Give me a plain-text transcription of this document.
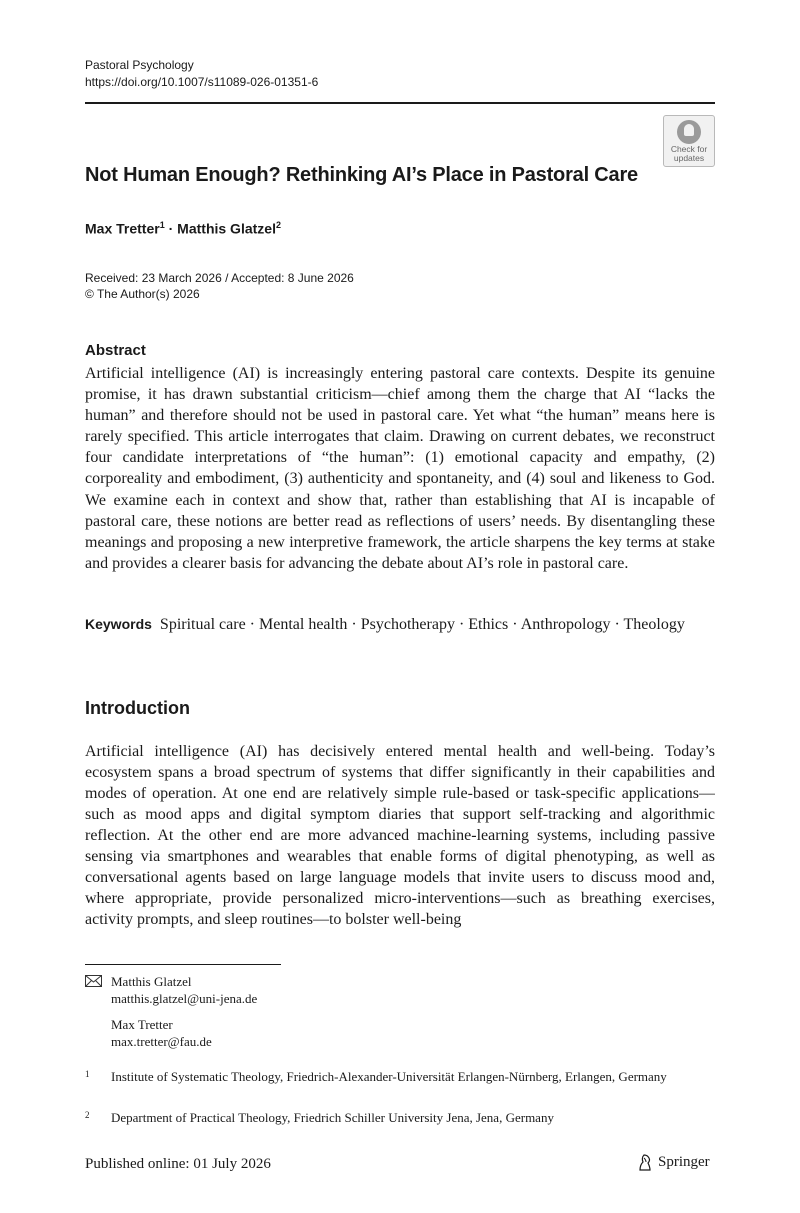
Pastoral Psychology
https://doi.org/10.1007/s11089-026-01351-6
Check for
updates
Not Human Enough? Rethinking AI’s Place in Pastoral Care
Max Tretter$^1$ · Matthis Glatzel$^2$
Received: 23 March 2026 / Accepted: 8 June 2026
© The Author(s) 2026
Abstract

Artificial intelligence (AI) is increasingly entering pastoral care contexts. Despite its genuine promise, it has drawn substantial criticism—chief among them the charge that AI “lacks the human” and therefore should not be used in pastoral care. Yet what “the human” means here is rarely specified. This article interrogates that claim. Drawing on current debates, we reconstruct four candidate interpretations of “the human”: (1) emotional capacity and empathy, (2) corporeality and embodiment, (3) authenticity and spontaneity, and (4) soul and likeness to God. We examine each in context and show that, rather than establishing that AI is incapable of pastoral care, these notions are better read as reflections of users’ needs. By disentangling these meanings and proposing a new interpretive framework, the article sharpens the key terms at stake and provides a clearer basis for advancing the debate about AI’s role in pastoral care.

Keywords Spiritual care · Mental health · Psychotherapy · Ethics · Anthropology · Theology
Introduction

Artificial intelligence (AI) has decisively entered mental health and well-being. Today’s ecosystem spans a broad spectrum of systems that differ significantly in their capabilities and modes of operation. At one end are relatively simple rule-based or task-specific applications—such as mood apps and digital symptom diaries that support self-tracking and algorithmic reflection. At the other end are more advanced machine-learning systems, including passive sensing via smartphones and wearables that enable forms of digital phenotyping, as well as conversational agents based on large language models that invite users to discuss mood and, where appropriate, provide personalized micro-interventions—such as breathing exercises, activity prompts, and sleep routines—to bolster well-being

Matthis Glatzel
matthis.glatzel@uni-jena.de
Max Tretter
max.tretter@fau.de
1 Institute of Systematic Theology, Friedrich-Alexander-Universität Erlangen-Nürnberg, Erlangen, Germany
2 Department of Practical Theology, Friedrich Schiller University Jena, Jena, Germany
Published online: 01 July 2026	Springer
